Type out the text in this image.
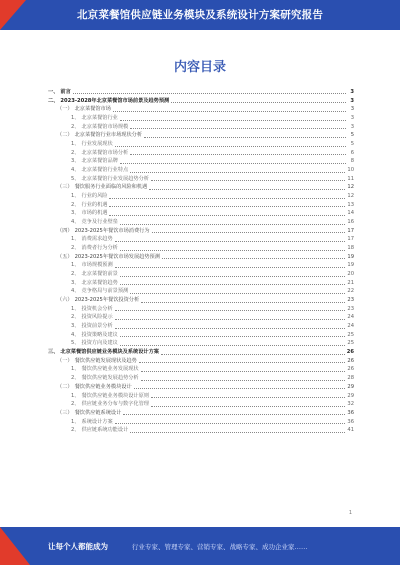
北京菜餐馆供应链业务模块及系统设计方案研究报告
内容目录
一、 前言	3
二、 2023-2028年北京菜餐馆市场前景及趋势预测	3
（一） 北京菜餐馆市场	3
1、 北京菜餐馆行业	3
2、 北京菜餐馆市场规模	3
（二） 北京菜餐馆行业市场现状分析	5
1、 行业发展现状	5
2、 北京菜餐馆市场分析	6
3、 北京菜餐馆品牌	8
4、 北京菜餐馆行业特点	10
5、 北京菜餐馆行业发展趋势分析	11
（三） 餐饮服务行业面临的风险和机遇	12
1、 行业的风险	12
2、 行业的机遇	13
3、 市场的机遇	14
4、 竞争及行业壁垒	16
（四） 2023-2025年餐饮市场消费行为	17
1、 消费需求趋势	17
2、 消费者行为分析	18
（五） 2023-2025年餐饮市场发展趋势预测	19
1、 市场规模预测	19
2、 北京菜餐馆前景	20
3、 北京菜餐馆趋势	21
4、 竞争格局与前景预测	22
（六） 2023-2025年餐饮投资分析	23
1、 投资机会分析	23
2、 投资风险提示	24
3、 投资前景分析	24
4、 投资策略及建议	25
5、 投资方向及建议	25
三、 北京菜餐馆供应链业务模块及系统设计方案	26
（一） 餐饮供应链发展现状及趋势	26
1、 餐饮供应链业务发展现状	26
2、 餐饮供应链发展趋势分析	28
（二） 餐饮供应链业务模块设计	29
1、 餐饮供应链业务模块设计原则	29
2、 供应链业务分布与数字化管理	32
（三） 餐饮供应链系统设计	36
1、 系统设计方案	36
2、 供应链系统功能设计	41
1
让每个人都能成为	行业专家、管理专家、营销专家、战略专家、成功企业家……
